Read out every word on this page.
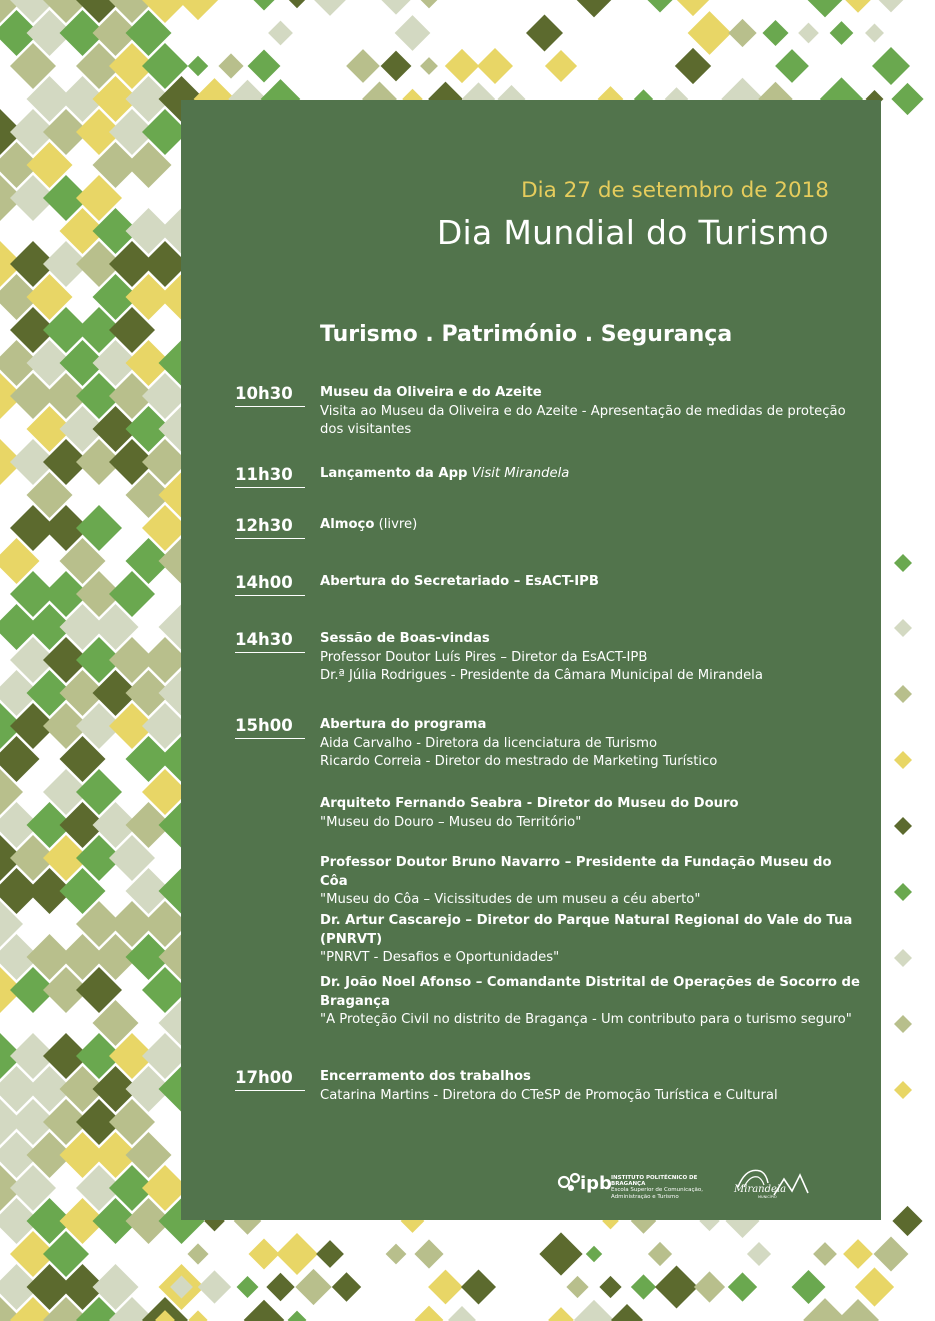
Dia 27 de setembro de 2018
Dia Mundial do Turismo
Turismo . Património . Segurança
10h30	Museu da Oliveira e do Azeite
Visita ao Museu da Oliveira e do Azeite - Apresentação de medidas de proteção
dos visitantes
11h30	Lançamento da App Visit Mirandela
12h30	Almoço (livre)
14h00	Abertura do Secretariado – EsACT-IPB
14h30	Sessão de Boas-vindas
Professor Doutor Luís Pires – Diretor da EsACT-IPB
Dr.ª Júlia Rodrigues - Presidente da Câmara Municipal de Mirandela
15h00	Abertura do programa
Aida Carvalho - Diretora da licenciatura de Turismo
Ricardo Correia - Diretor do mestrado de Marketing Turístico
Arquiteto Fernando Seabra - Diretor do Museu do Douro
"Museu do Douro – Museu do Território"
Professor Doutor Bruno Navarro – Presidente da Fundação Museu do Côa
"Museu do Côa – Vicissitudes de um museu a céu aberto"
Dr. Artur Cascarejo – Diretor do Parque Natural Regional do Vale do Tua (PNRVT)
"PNRVT - Desafios e Oportunidades"
Dr. João Noel Afonso – Comandante Distrital de Operações de Socorro de
Bragança
"A Proteção Civil no distrito de Bragança - Um contributo para o turismo seguro"
17h00	Encerramento dos trabalhos
Catarina Martins - Diretora do CTeSP de Promoção Turística e Cultural
ipb INSTITUTO POLITÉCNICO DE BRAGANÇA
Escola Superior de Comunicação,
Administração e Turismo
Mirandela
MUNICÍPIO
